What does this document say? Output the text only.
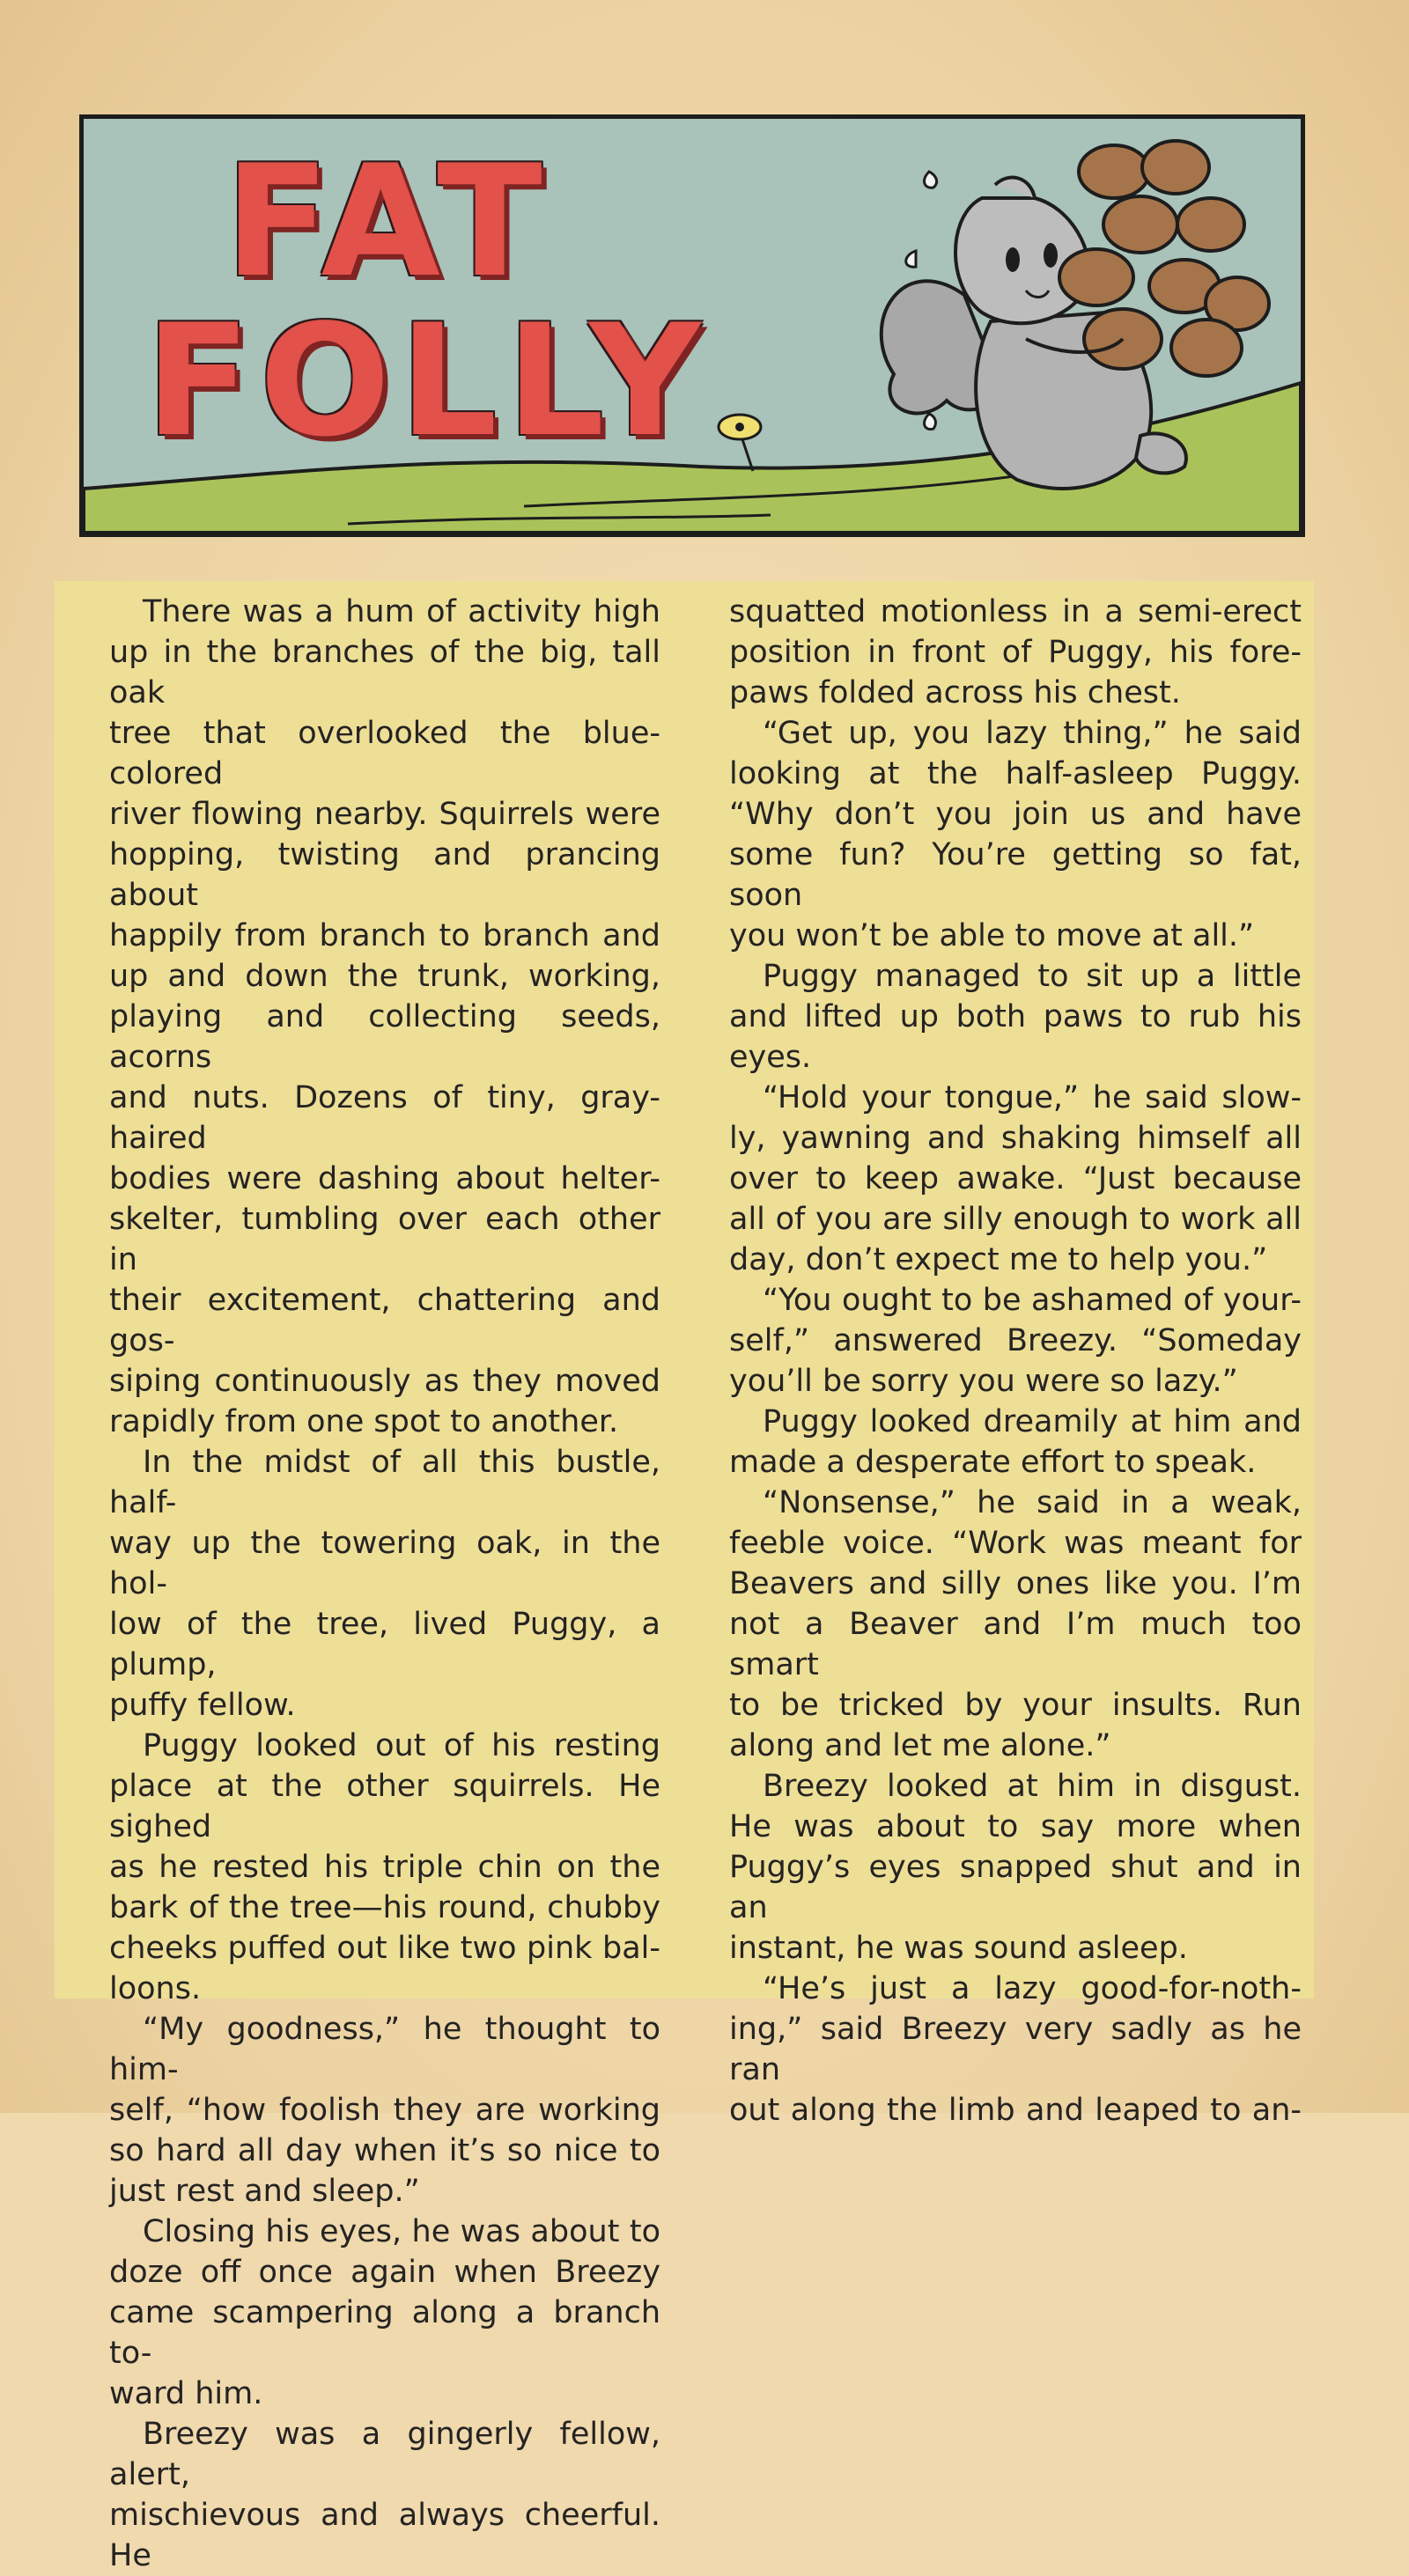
FAT
FOLLY

There was a hum of activity high

up in the branches of the big, tall oak

tree that overlooked the blue-colored

river flowing nearby. Squirrels were

hopping, twisting and prancing about

happily from branch to branch and

up and down the trunk, working,

playing and collecting seeds, acorns

and nuts. Dozens of tiny, gray-haired

bodies were dashing about helter-

skelter, tumbling over each other in

their excitement, chattering and gos-

siping continuously as they moved

rapidly from one spot to another.

In the midst of all this bustle, half-

way up the towering oak, in the hol-

low of the tree, lived Puggy, a plump,

puffy fellow.

Puggy looked out of his resting

place at the other squirrels. He sighed

as he rested his triple chin on the

bark of the tree—his round, chubby

cheeks puffed out like two pink bal-

loons.

“My goodness,” he thought to him-

self, “how foolish they are working

so hard all day when it’s so nice to

just rest and sleep.”

Closing his eyes, he was about to

doze off once again when Breezy

came scampering along a branch to-

ward him.

Breezy was a gingerly fellow, alert,

mischievous and always cheerful. He

squatted motionless in a semi-erect

position in front of Puggy, his fore-

paws folded across his chest.

“Get up, you lazy thing,” he said

looking at the half-asleep Puggy.

“Why don’t you join us and have

some fun? You’re getting so fat, soon

you won’t be able to move at all.”

Puggy managed to sit up a little

and lifted up both paws to rub his

eyes.

“Hold your tongue,” he said slow-

ly, yawning and shaking himself all

over to keep awake. “Just because

all of you are silly enough to work all

day, don’t expect me to help you.”

“You ought to be ashamed of your-

self,” answered Breezy. “Someday

you’ll be sorry you were so lazy.”

Puggy looked dreamily at him and

made a desperate effort to speak.

“Nonsense,” he said in a weak,

feeble voice. “Work was meant for

Beavers and silly ones like you. I’m

not a Beaver and I’m much too smart

to be tricked by your insults. Run

along and let me alone.”

Breezy looked at him in disgust.

He was about to say more when

Puggy’s eyes snapped shut and in an

instant, he was sound asleep.

“He’s just a lazy good-for-noth-

ing,” said Breezy very sadly as he ran

out along the limb and leaped to an-
